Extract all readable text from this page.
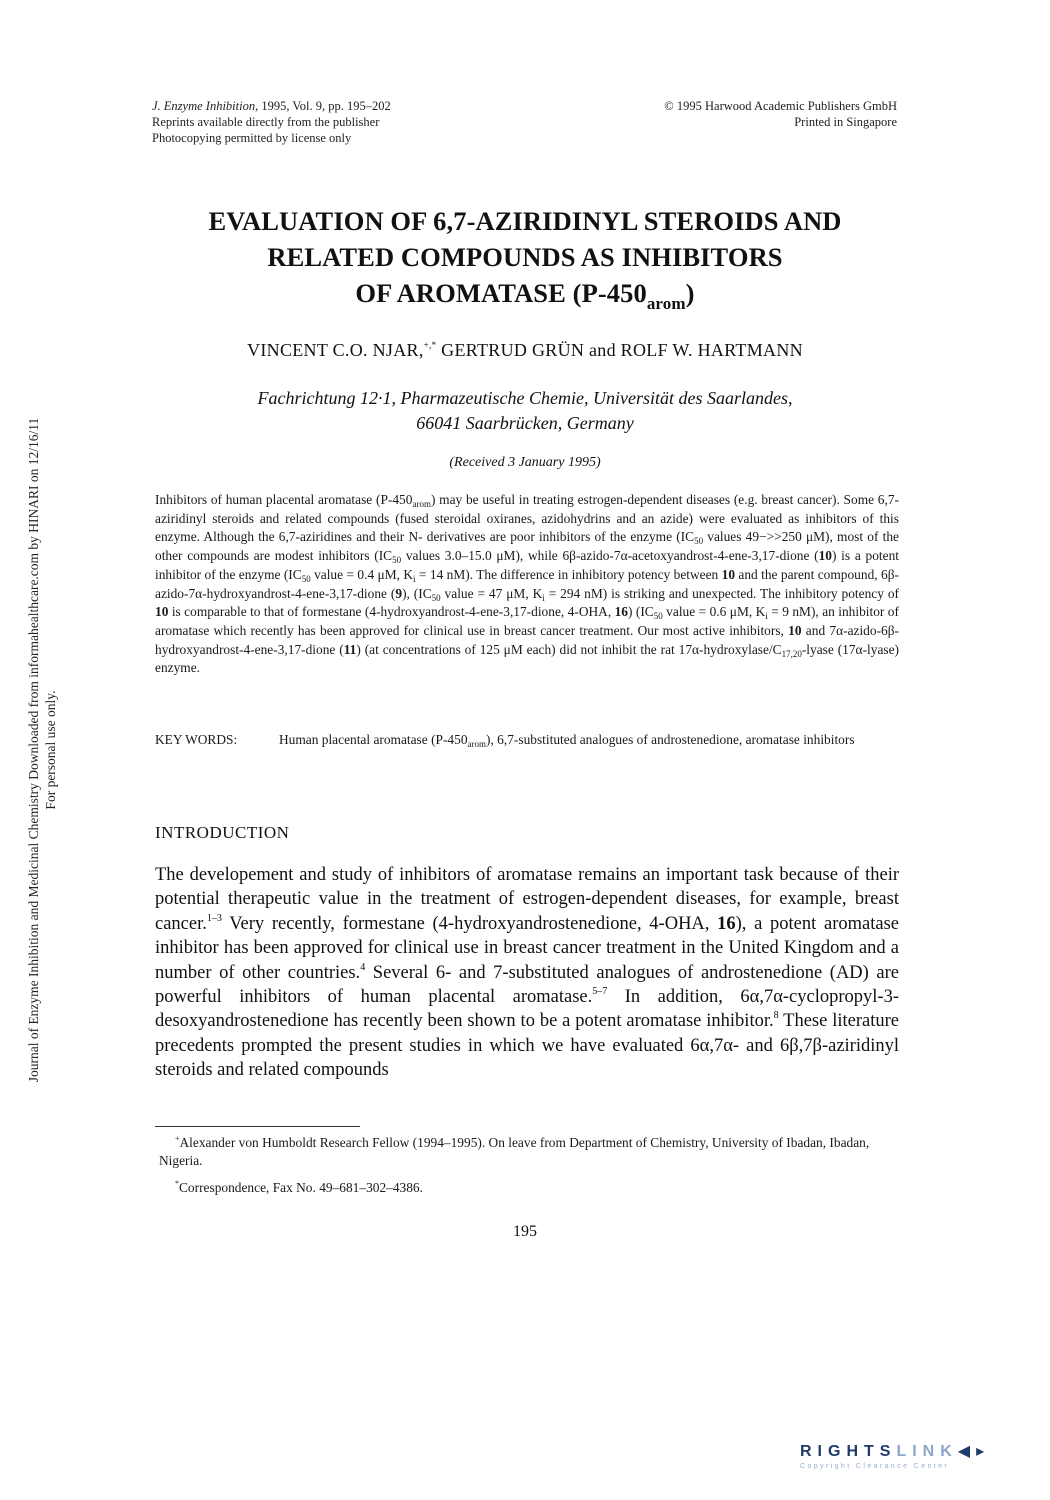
J. Enzyme Inhibition, 1995, Vol. 9, pp. 195–202
Reprints available directly from the publisher
Photocopying permitted by license only
© 1995 Harwood Academic Publishers GmbH
Printed in Singapore
EVALUATION OF 6,7-AZIRIDINYL STEROIDS AND
RELATED COMPOUNDS AS INHIBITORS
OF AROMATASE $(P-450_{arom})$
VINCENT C.O. NJAR,+,* GERTRUD GRÜN and ROLF W. HARTMANN
Fachrichtung 12·1, Pharmazeutische Chemie, Universität des Saarlandes,
66041 Saarbrücken, Germany
(Received 3 January 1995)
Inhibitors of human placental aromatase $(P-450_{arom})$ may be useful in treating estrogen-dependent diseases (e.g. breast cancer). Some 6,7-aziridinyl steroids and related compounds (fused steroidal oxiranes, azidohydrins and an azide) were evaluated as inhibitors of this enzyme. Although the 6,7-aziridines and their N- derivatives are poor inhibitors of the enzyme ($IC_{50}$ values 49−>>250 μM), most of the other compounds are modest inhibitors ($IC_{50}$ values 3.0–15.0 μM), while 6β-azido-7α-acetoxyandrost-4-ene-3,17-dione (10) is a potent inhibitor of the enzyme ($IC_{50}$ value = 0.4 μM, $K_i = 14$ nM). The difference in inhibitory potency between 10 and the parent compound, 6β-azido-7α-hydroxyandrost-4-ene-3,17-dione (9), ($IC_{50}$ value = 47 μM, $K_i = 294$ nM) is striking and unexpected. The inhibitory potency of 10 is comparable to that of formestane (4-hydroxyandrost-4-ene-3,17-dione, 4-OHA, 16) ($IC_{50}$ value = 0.6 μM, $K_i = 9$ nM), an inhibitor of aromatase which recently has been approved for clinical use in breast cancer treatment. Our most active inhibitors, 10 and 7α-azido-6β-hydroxyandrost-4-ene-3,17-dione (11) (at concentrations of 125 μM each) did not inhibit the rat $17\alpha-hydroxylase/C_{17,20}$-lyase (17α-lyase) enzyme.
KEY WORDS:	Human placental aromatase $(P-450_{arom})$, 6,7-substituted analogues of androstenedione, aromatase inhibitors
INTRODUCTION
The developement and study of inhibitors of aromatase remains an important task because of their potential therapeutic value in the treatment of estrogen-dependent diseases, for example, breast cancer.$^{1-3}$ Very recently, formestane (4-hydroxyandrostenedione, 4-OHA, 16), a potent aromatase inhibitor has been approved for clinical use in breast cancer treatment in the United Kingdom and a number of other countries.$^4$ Several 6- and 7-substituted analogues of androstenedione (AD) are powerful inhibitors of human placental aromatase.$^{5-7}$ In addition, 6α,7α-cyclopropyl-3-desoxyandrostenedione has recently been shown to be a potent aromatase inhibitor.$^8$ These literature precedents prompted the present studies in which we have evaluated 6α,7α- and 6β,7β-aziridinyl steroids and related compounds
+Alexander von Humboldt Research Fellow (1994–1995). On leave from Department of Chemistry, University of Ibadan, Ibadan, Nigeria.
*Correspondence, Fax No. 49–681–302–4386.
195
Journal of Enzyme Inhibition and Medicinal Chemistry Downloaded from informahealthcare.com by HINARI on 12/16/11 For personal use only.
RIGHTSLINK◀▸
Copyright Clearance Center
